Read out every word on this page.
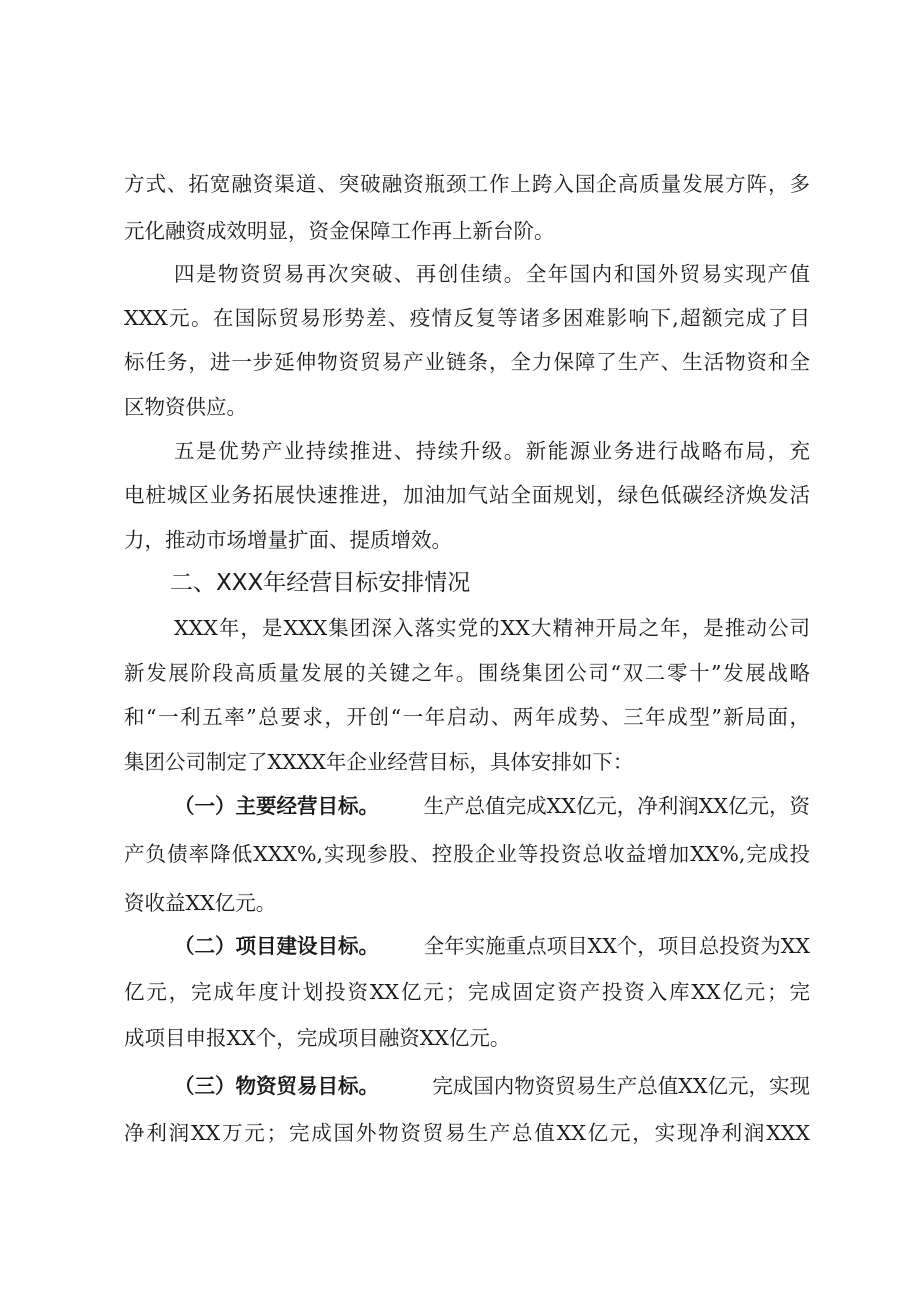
方式、拓宽融资渠道、突破融资瓶颈工作上跨入国企高质量发展方阵，多
元化融资成效明显，资金保障工作再上新台阶。
四是物资贸易再次突破、再创佳绩。全年国内和国外贸易实现产值
XXX元。在国际贸易形势差、疫情反复等诸多困难影响下,超额完成了目
标任务，进一步延伸物资贸易产业链条，全力保障了生产、生活物资和全
区物资供应。
五是优势产业持续推进、持续升级。新能源业务进行战略布局，充
电桩城区业务拓展快速推进，加油加气站全面规划，绿色低碳经济焕发活
力，推动市场增量扩面、提质增效。
二、XXX年经营目标安排情况
XXX年，是XXX集团深入落实党的XX大精神开局之年，是推动公司
新发展阶段高质量发展的关键之年。围绕集团公司“双二零十”发展战略
和“一利五率”总要求，开创“一年启动、两年成势、三年成型”新局面，
集团公司制定了XXXX年企业经营目标，具体安排如下：
（一）主要经营目标。 生产总值完成XX亿元，净利润XX亿元，资
产负债率降低XXX%,实现参股、控股企业等投资总收益增加XX%,完成投
资收益XX亿元。
（二）项目建设目标。 全年实施重点项目XX个，项目总投资为XX
亿元，完成年度计划投资XX亿元；完成固定资产投资入库XX亿元；完
成项目申报XX个，完成项目融资XX亿元。
（三）物资贸易目标。	完成国内物资贸易生产总值XX亿元，实现
净利润XX万元；完成国外物资贸易生产总值XX亿元，实现净利润XXX
